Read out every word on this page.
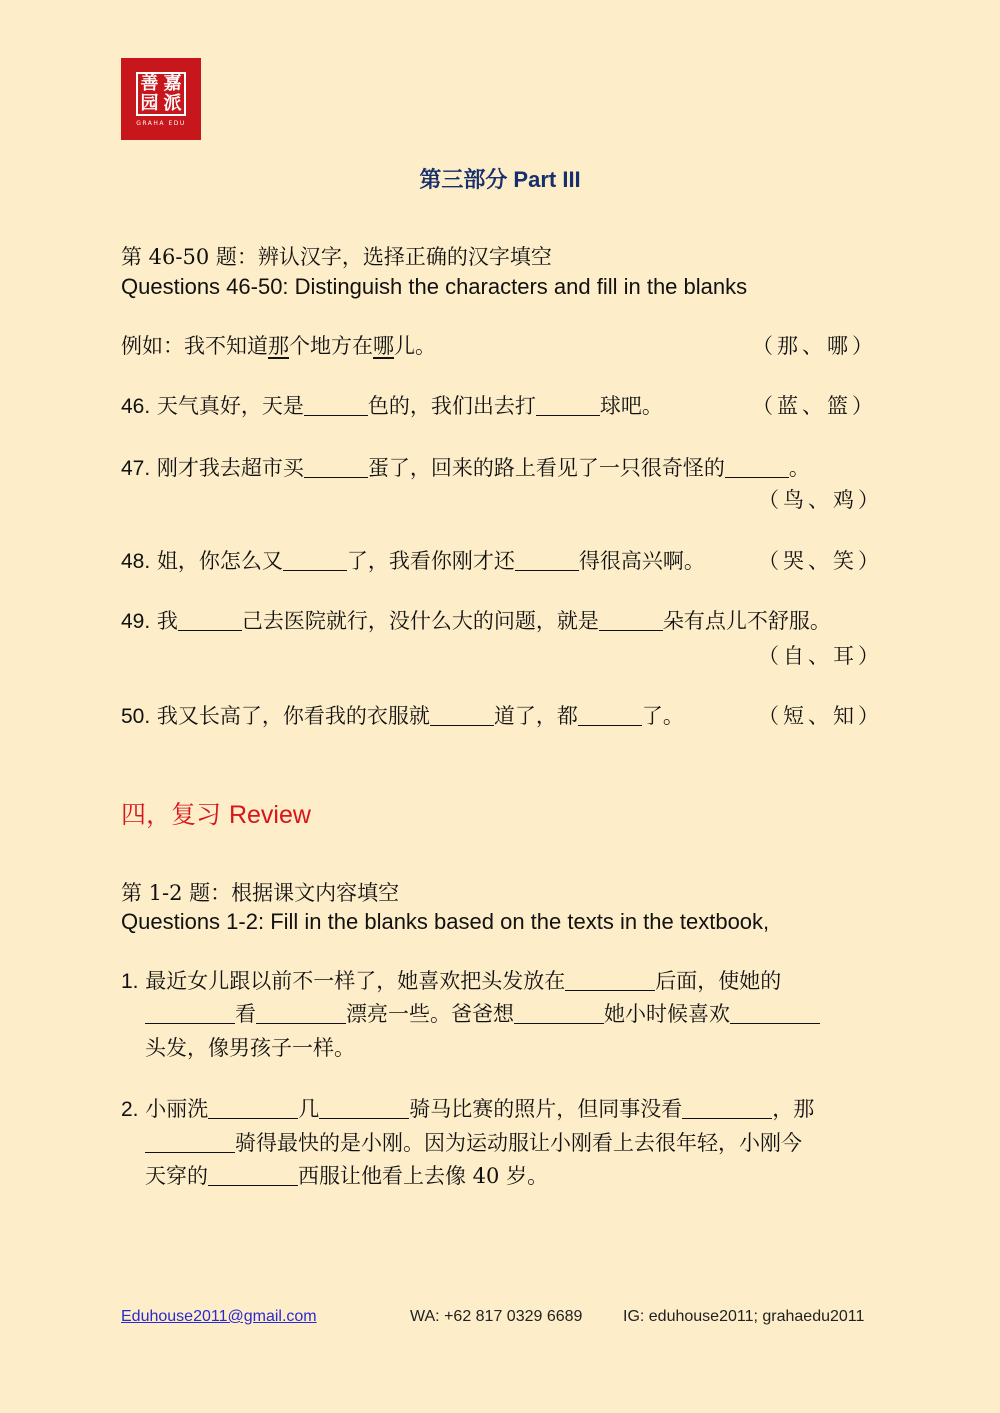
善 嘉
园 派
GRAHA EDU
第三部分 Part III
第 46-50 题：辨认汉字，选择正确的汉字填空
Questions 46-50: Distinguish the characters and fill in the blanks
例如：我不知道那个地方在哪儿。	（那、哪）
46. 天气真好，天是	色的，我们出去打	球吧。	（蓝、篮）
47. 刚才我去超市买	蛋了，回来的路上看见了一只很奇怪的	。
（鸟、鸡）
48. 姐，你怎么又	了，我看你刚才还	得很高兴啊。	（哭、笑）
49. 我	己去医院就行，没什么大的问题，就是	朵有点儿不舒服。
（自、耳）
50. 我又长高了，你看我的衣服就	道了，都	了。	（短、知）
四，复习 Review
第 1-2 题：根据课文内容填空
Questions 1-2: Fill in the blanks based on the texts in the textbook,
1. 最近女儿跟以前不一样了，她喜欢把头发放在	后面，使她的
看	漂亮一些。爸爸想	她小时候喜欢
头发，像男孩子一样。
2. 小丽洗	几	骑马比赛的照片，但同事没看	，那
骑得最快的是小刚。因为运动服让小刚看上去很年轻，小刚今
天穿的	西服让他看上去像 40 岁。
Eduhouse2011@gmail.com	WA: +62 817 0329 6689	IG: eduhouse2011; grahaedu2011
